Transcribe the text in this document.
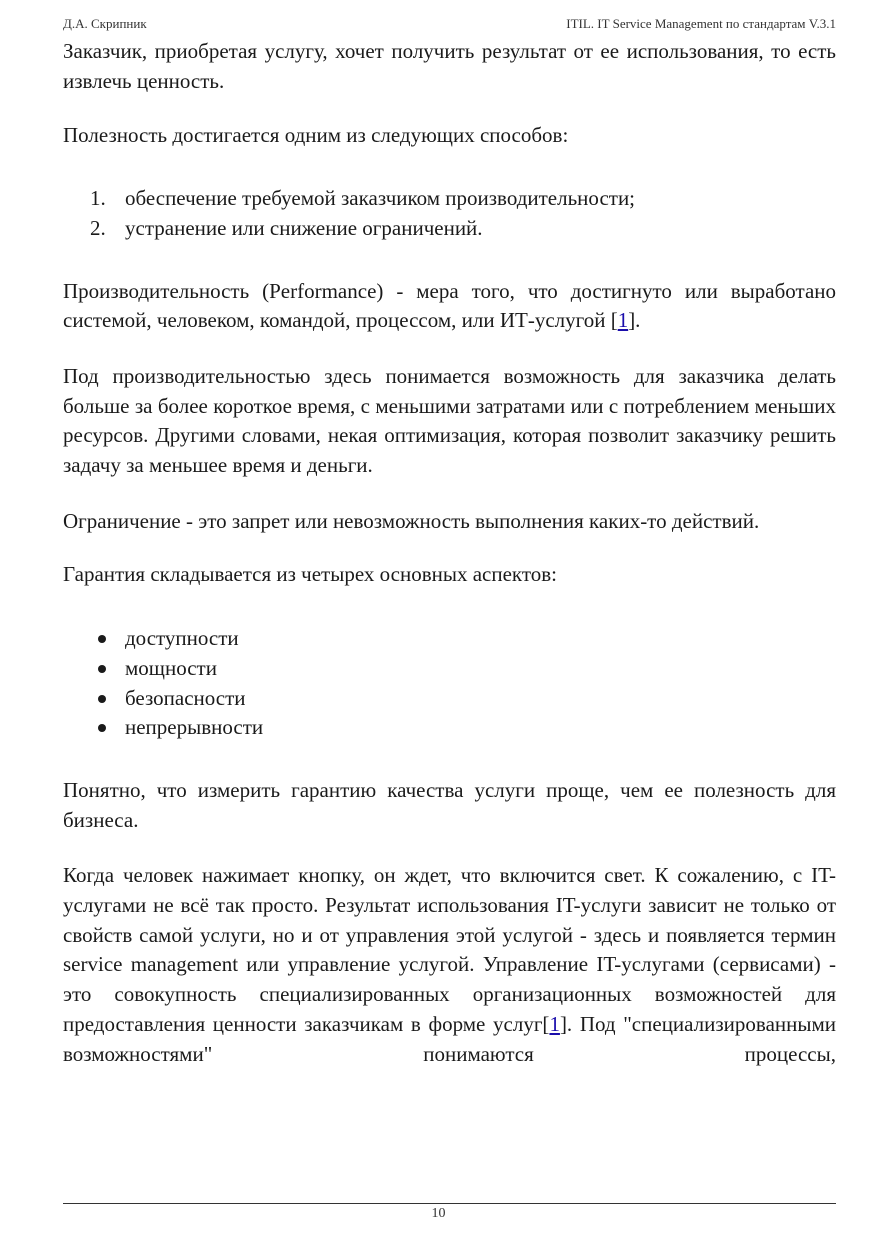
Д.А. Скрипник	ITIL. IT Service Management по стандартам V.3.1

Заказчик, приобретая услугу, хочет получить результат от ее использования, то есть извлечь ценность.

Полезность достигается одним из следующих способов:

1. обеспечение требуемой заказчиком производительности;
2. устранение или снижение ограничений.

Производительность (Performance) - мера того, что достигнуто или выработано системой, человеком, командой, процессом, или ИТ-услугой [1].

Под производительностью здесь понимается возможность для заказчика делать больше за более короткое время, с меньшими затратами или с потреблением меньших ресурсов. Другими словами, некая оптимизация, которая позволит заказчику решить задачу за меньшее время и деньги.

Ограничение - это запрет или невозможность выполнения каких-то действий.

Гарантия складывается из четырех основных аспектов:

доступности
мощности
безопасности
непрерывности

Понятно, что измерить гарантию качества услуги проще, чем ее полезность для бизнеса.

Когда человек нажимает кнопку, он ждет, что включится свет. К сожалению, с IT-услугами не всё так просто. Результат использования IT-услуги зависит не только от свойств самой услуги, но и от управления этой услугой - здесь и появляется термин service management или управление услугой. Управление IT-услугами (сервисами) - это совокупность специализированных организационных возможностей для предоставления ценности заказчикам в форме услуг[1]. Под "специализированными возможностями" понимаются процессы,

10
